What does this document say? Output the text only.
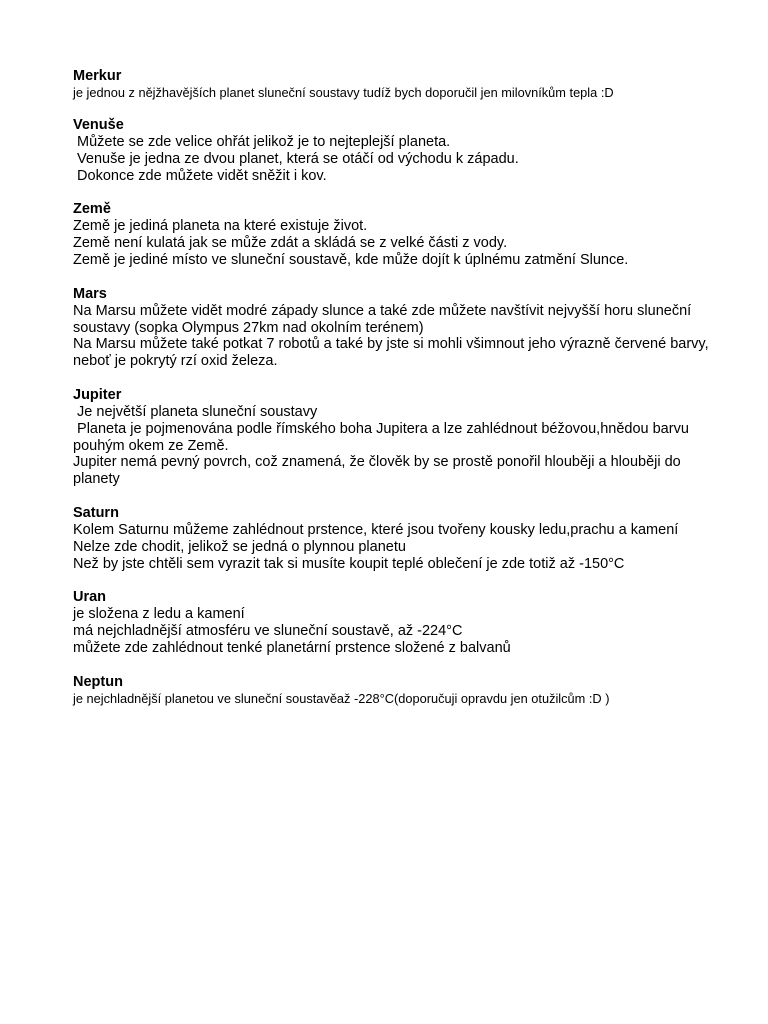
Merkur
je jednou z nějžhavějších planet sluneční soustavy tudíž bych doporučil jen milovníkům tepla :D
Venuše
Můžete se zde velice ohřát jelikož je to nejteplejší planeta.
Venuše je jedna ze dvou planet, která se otáčí od východu k západu.
Dokonce zde můžete vidět sněžit i kov.
Země
Země je jediná planeta na které existuje život.
Země není kulatá jak se může zdát a skládá se z velké části z vody.
Země je jediné místo ve sluneční soustavě, kde může dojít k úplnému zatmění Slunce.
Mars
Na Marsu můžete vidět modré západy slunce a také zde můžete navštívit nejvyšší horu sluneční soustavy (sopka Olympus 27km nad okolním terénem)
Na Marsu můžete také potkat 7 robotů a také by jste si mohli všimnout jeho výrazně červené barvy, neboť je pokrytý rzí oxid železa.
Jupiter
Je největší planeta sluneční soustavy
Planeta je pojmenována podle římského boha Jupitera a lze zahlédnout béžovou,hnědou barvu pouhým okem ze Země.
Jupiter nemá pevný povrch, což znamená, že člověk by se prostě ponořil hlouběji a hlouběji do planety
Saturn
Kolem Saturnu můžeme zahlédnout prstence, které jsou tvořeny kousky ledu,prachu a kamení
Nelze zde chodit, jelikož se jedná o plynnou planetu
Než by jste chtěli sem vyrazit tak si musíte koupit teplé oblečení je zde totiž až -150°C
Uran
je složena z ledu a kamení
má nejchladnější atmosféru ve sluneční soustavě, až -224°C
můžete zde zahlédnout tenké planetární prstence složené z balvanů
Neptun
je nejchladnější planetou ve sluneční soustavěaž -228°C(doporučuji opravdu jen otužilcům :D )
